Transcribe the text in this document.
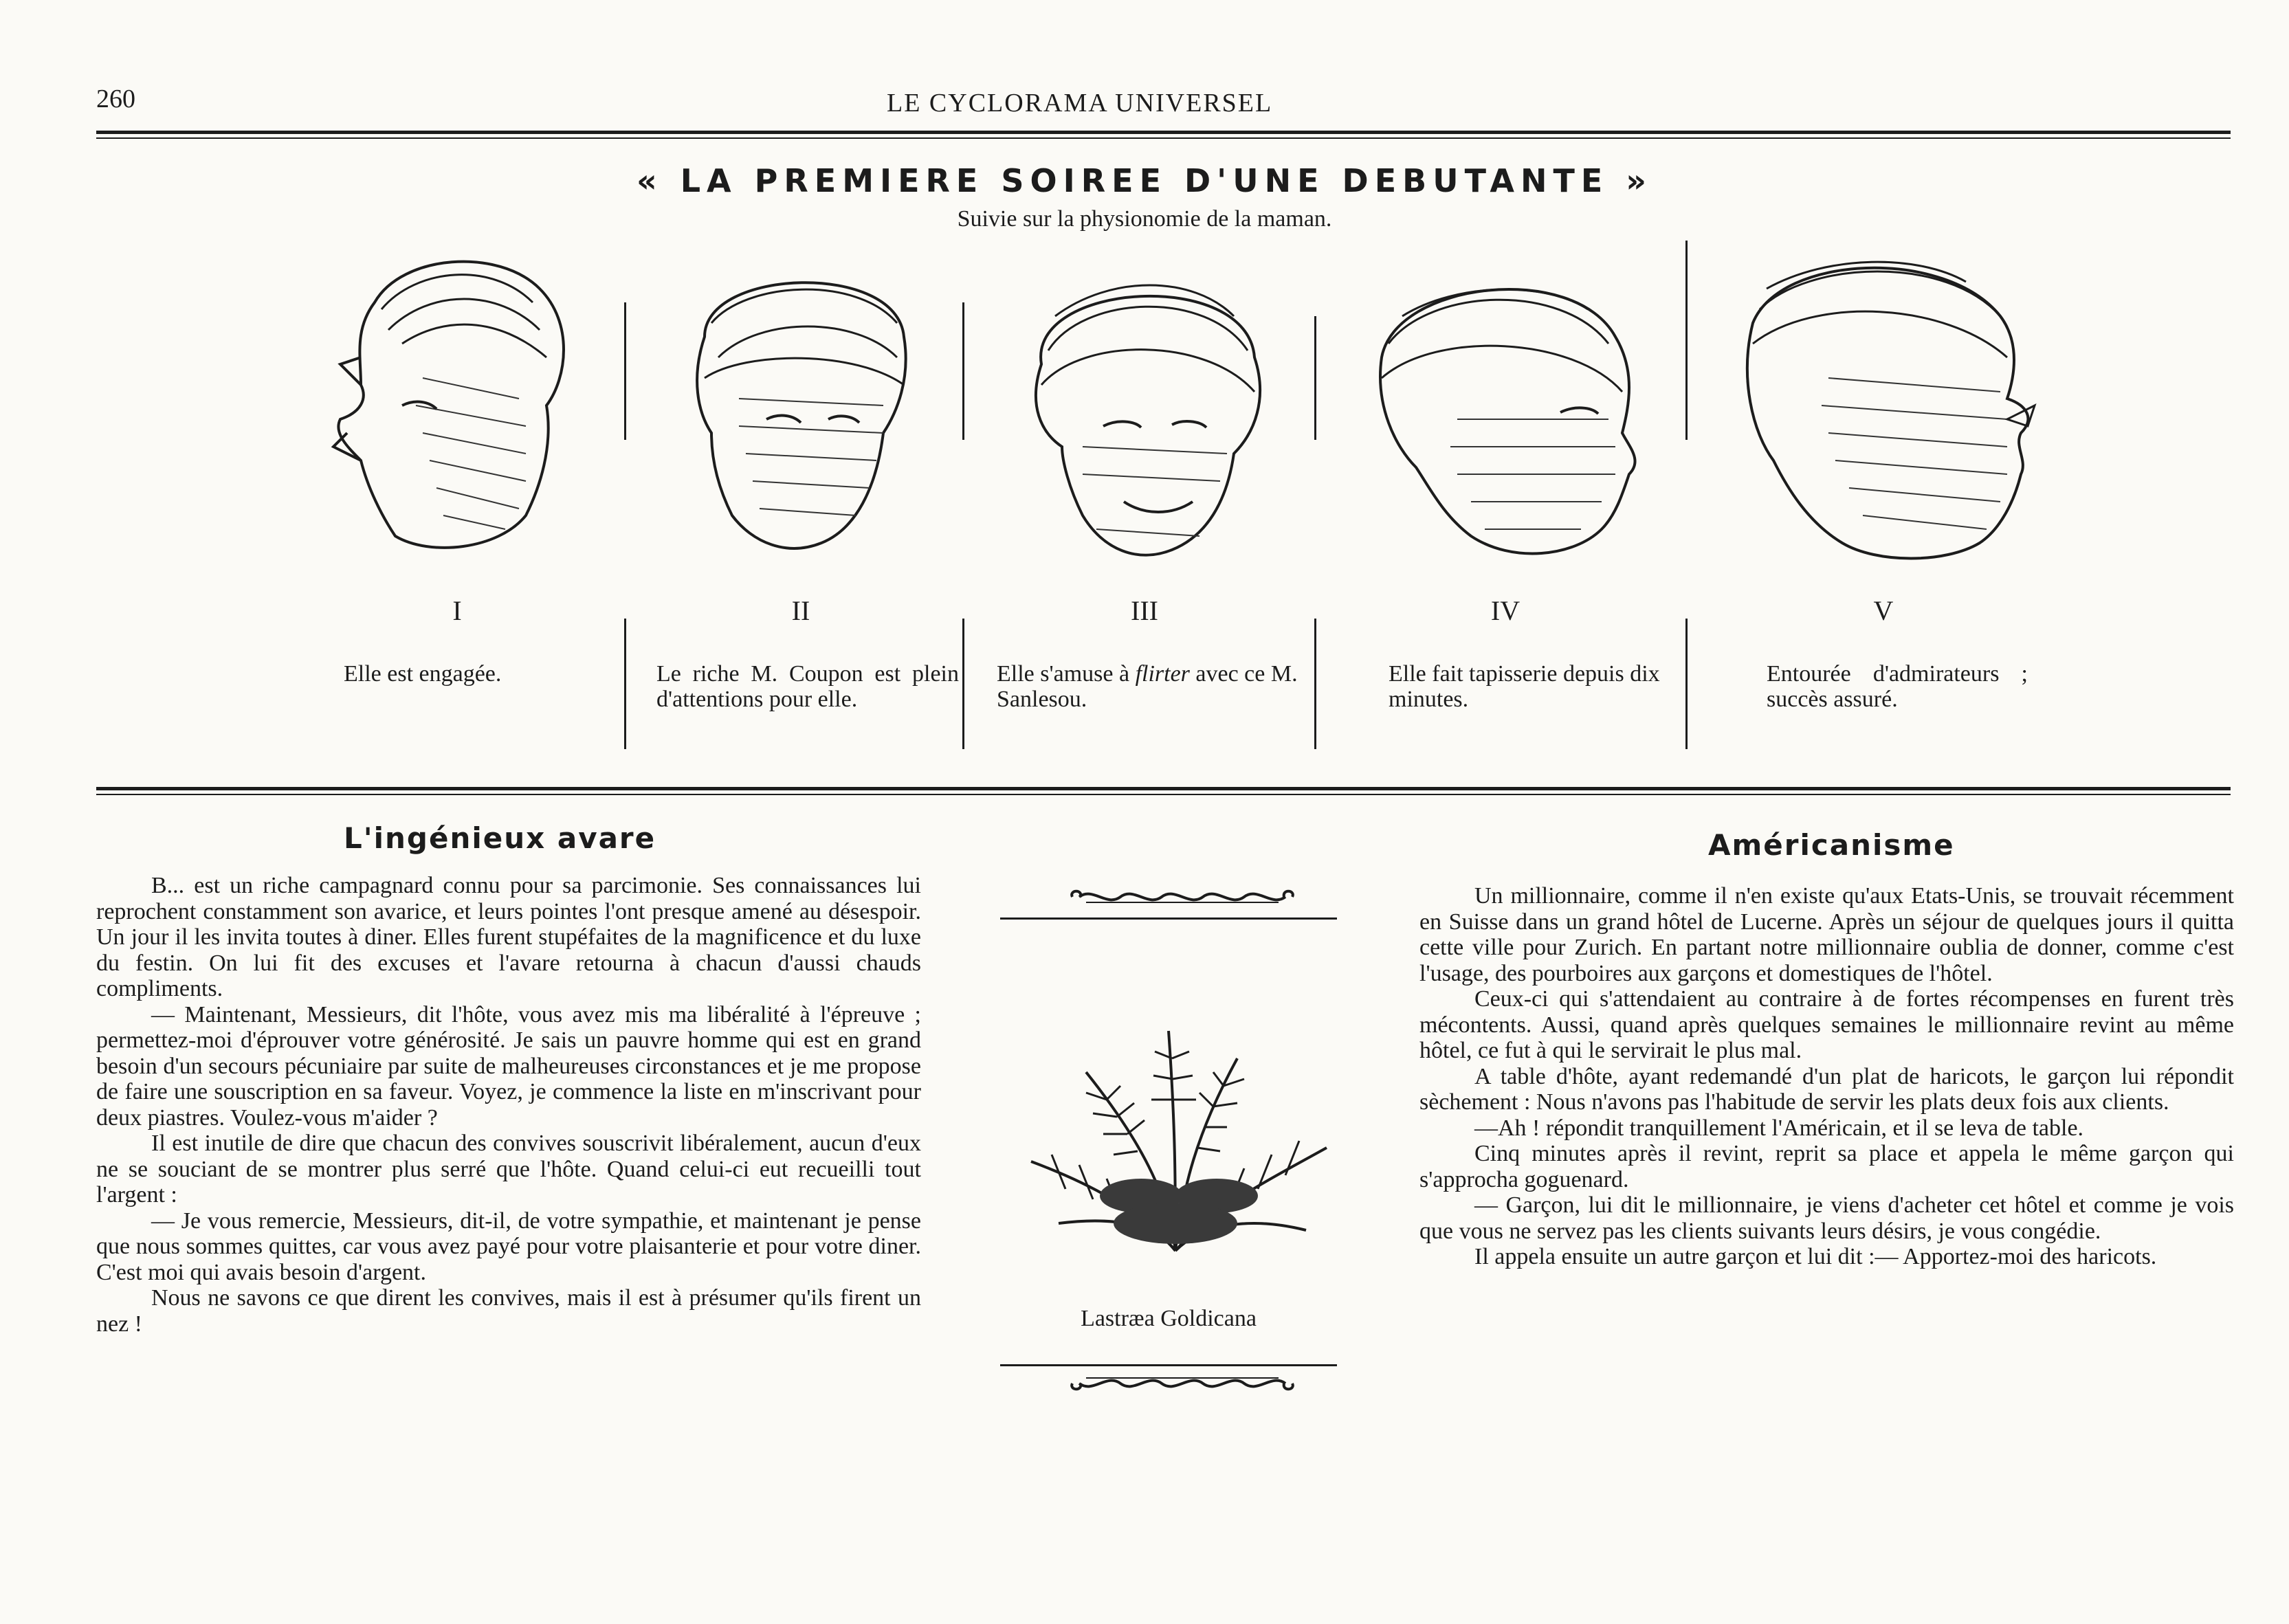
260	LE CYCLORAMA UNIVERSEL
« LA PREMIERE SOIREE D'UNE DEBUTANTE »
Suivie sur la physionomie de la maman.
I
Elle est engagée.
II
Le riche M. Coupon est plein d'attentions pour elle.
III
Elle s'amuse à flirter avec ce M. Sanlesou.
IV
Elle fait tapisserie depuis dix minutes.
V
Entourée d'admirateurs ; succès assuré.
L'ingénieux avare

B... est un riche campagnard connu pour sa parcimonie. Ses connaissances lui reprochent constamment son avarice, et leurs pointes l'ont presque amené au désespoir. Un jour il les invita toutes à diner. Elles furent stupéfaites de la magnificence et du luxe du festin. On lui fit des excuses et l'avare retourna à chacun d'aussi chauds compliments.

— Maintenant, Messieurs, dit l'hôte, vous avez mis ma libéralité à l'épreuve ; permettez-moi d'éprouver votre générosité. Je sais un pauvre homme qui est en grand besoin d'un secours pécuniaire par suite de malheureuses circonstances et je me propose de faire une souscription en sa faveur. Voyez, je commence la liste en m'inscrivant pour deux piastres. Voulez-vous m'aider ?

Il est inutile de dire que chacun des convives souscrivit libéralement, aucun d'eux ne se souciant de se montrer plus serré que l'hôte. Quand celui-ci eut recueilli tout l'argent :

— Je vous remercie, Messieurs, dit-il, de votre sympathie, et maintenant je pense que nous sommes quittes, car vous avez payé pour votre plaisanterie et pour votre diner. C'est moi qui avais besoin d'argent.

Nous ne savons ce que dirent les convives, mais il est à présumer qu'ils firent un nez !	Lastræa Goldicana
Américanisme

Un millionnaire, comme il n'en existe qu'aux Etats-Unis, se trouvait récemment en Suisse dans un grand hôtel de Lucerne. Après un séjour de quelques jours il quitta cette ville pour Zurich. En partant notre millionnaire oublia de donner, comme c'est l'usage, des pourboires aux garçons et domestiques de l'hôtel.

Ceux-ci qui s'attendaient au contraire à de fortes récompenses en furent très mécontents. Aussi, quand après quelques semaines le millionnaire revint au même hôtel, ce fut à qui le servirait le plus mal.

A table d'hôte, ayant redemandé d'un plat de haricots, le garçon lui répondit sèchement : Nous n'avons pas l'habitude de servir les plats deux fois aux clients.

—Ah ! répondit tranquillement l'Américain, et il se leva de table.

Cinq minutes après il revint, reprit sa place et appela le même garçon qui s'approcha goguenard.

— Garçon, lui dit le millionnaire, je viens d'acheter cet hôtel et comme je vois que vous ne servez pas les clients suivants leurs désirs, je vous congédie.

Il appela ensuite un autre garçon et lui dit :— Apportez-moi des haricots.
